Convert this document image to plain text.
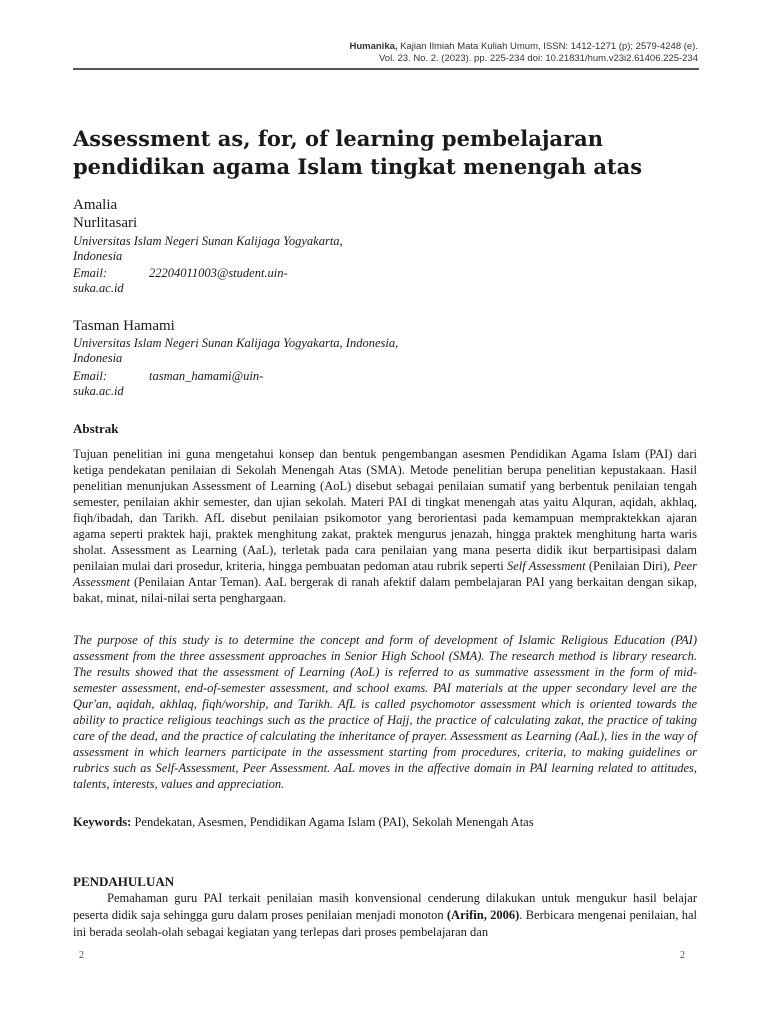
Humanika, Kajian Ilmiah Mata Kuliah Umum, ISSN: 1412-1271 (p); 2579-4248 (e).
Vol. 23. No. 2. (2023). pp. 225-234 doi: 10.21831/hum.v23i2.61406.225-234
Assessment as, for, of learning pembelajaran pendidikan agama Islam tingkat menengah atas
Amalia
Nurlitasari
Universitas Islam Negeri Sunan Kalijaga Yogyakarta,
Indonesia
Email:	22204011003@student.uin-
suka.ac.id
Tasman Hamami
Universitas Islam Negeri Sunan Kalijaga Yogyakarta, Indonesia,
Indonesia
Email:	tasman_hamami@uin-
suka.ac.id
Abstrak
Tujuan penelitian ini guna mengetahui konsep dan bentuk pengembangan asesmen Pendidikan Agama Islam (PAI) dari ketiga pendekatan penilaian di Sekolah Menengah Atas (SMA). Metode penelitian berupa penelitian kepustakaan. Hasil penelitian menunjukan Assessment of Learning (AoL) disebut sebagai penilaian sumatif yang berbentuk penilaian tengah semester, penilaian akhir semester, dan ujian sekolah. Materi PAI di tingkat menengah atas yaitu Alquran, aqidah, akhlaq, fiqh/ibadah, dan Tarikh. AfL disebut penilaian psikomotor yang berorientasi pada kemampuan mempraktekkan ajaran agama seperti praktek haji, praktek menghitung zakat, praktek mengurus jenazah, hingga praktek menghitung harta waris sholat. Assessment as Learning (AaL), terletak pada cara penilaian yang mana peserta didik ikut berpartisipasi dalam penilaian mulai dari prosedur, kriteria, hingga pembuatan pedoman atau rubrik seperti Self Assessment (Penilaian Diri), Peer Assessment (Penilaian Antar Teman). AaL bergerak di ranah afektif dalam pembelajaran PAI yang berkaitan dengan sikap, bakat, minat, nilai-nilai serta penghargaan.
The purpose of this study is to determine the concept and form of development of Islamic Religious Education (PAI) assessment from the three assessment approaches in Senior High School (SMA). The research method is library research. The results showed that the assessment of Learning (AoL) is referred to as summative assessment in the form of mid-semester assessment, end-of-semester assessment, and school exams. PAI materials at the upper secondary level are the Qur'an, aqidah, akhlaq, fiqh/worship, and Tarikh. AfL is called psychomotor assessment which is oriented towards the ability to practice religious teachings such as the practice of Hajj, the practice of calculating zakat, the practice of taking care of the dead, and the practice of calculating the inheritance of prayer. Assessment as Learning (AaL), lies in the way of assessment in which learners participate in the assessment starting from procedures, criteria, to making guidelines or rubrics such as Self-Assessment, Peer Assessment. AaL moves in the affective domain in PAI learning related to attitudes, talents, interests, values and appreciation.
Keywords: Pendekatan, Asesmen, Pendidikan Agama Islam (PAI), Sekolah Menengah Atas
PENDAHULUAN
Pemahaman guru PAI terkait penilaian masih konvensional cenderung dilakukan untuk mengukur hasil belajar peserta didik saja sehingga guru dalam proses penilaian menjadi monoton (Arifin, 2006). Berbicara mengenai penilaian, hal ini berada seolah-olah sebagai kegiatan yang terlepas dari proses pembelajaran dan
2	2
